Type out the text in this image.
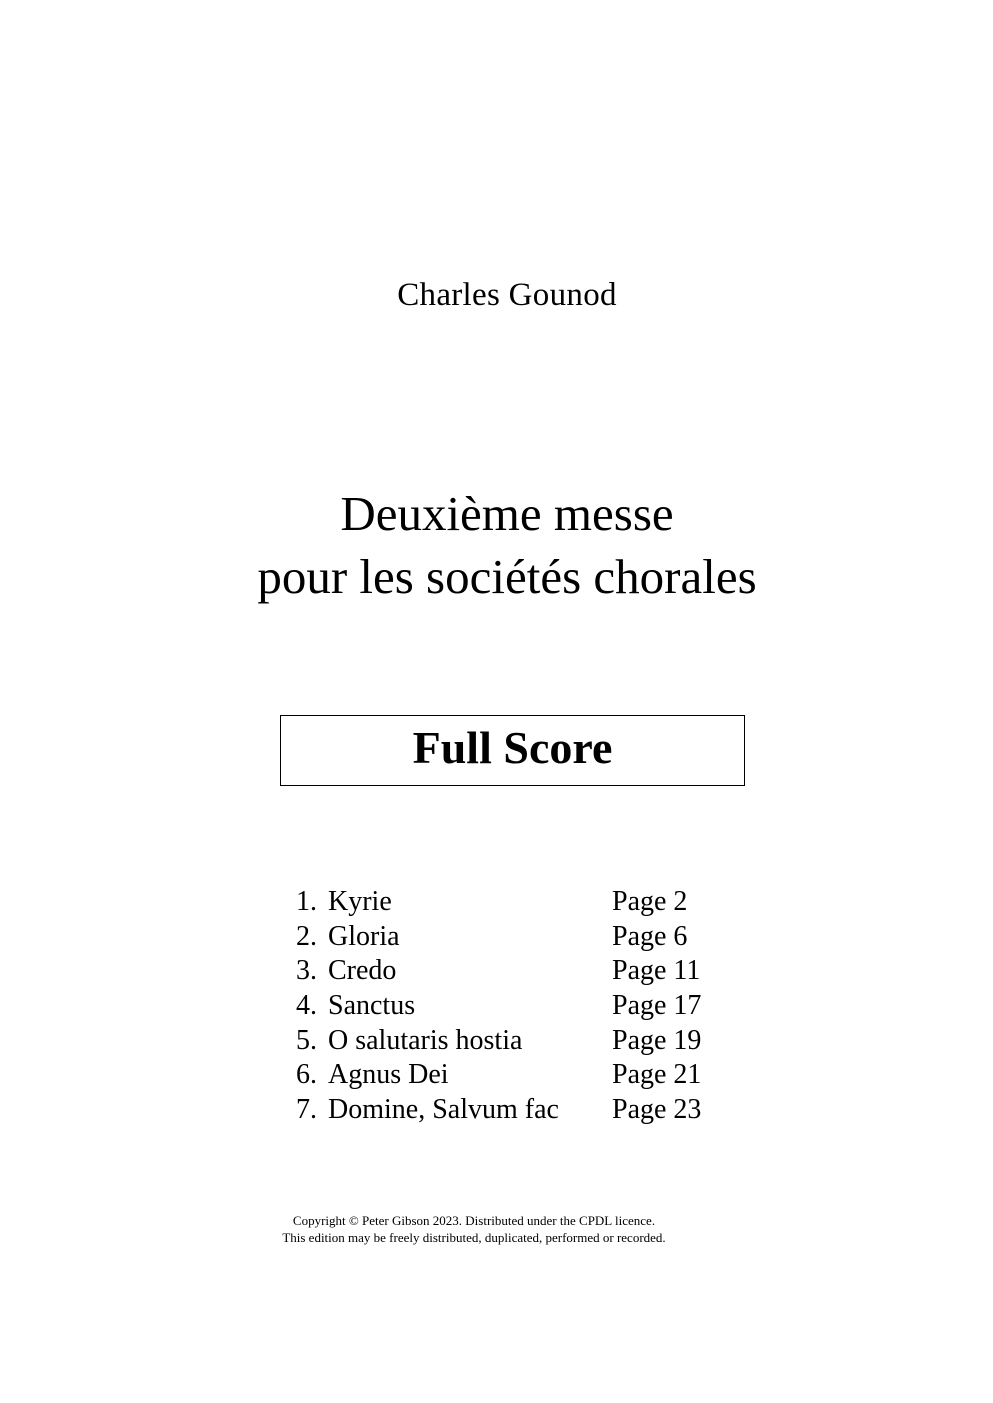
Charles Gounod
Deuxième messe
pour les sociétés chorales
Full Score
1. Kyrie	Page 2
2. Gloria	Page 6
3. Credo	Page 11
4. Sanctus	Page 17
5. O salutaris hostia	Page 19
6. Agnus Dei	Page 21
7. Domine, Salvum fac Page 23
Copyright © Peter Gibson 2023. Distributed under the CPDL licence.
This edition may be freely distributed, duplicated, performed or recorded.
